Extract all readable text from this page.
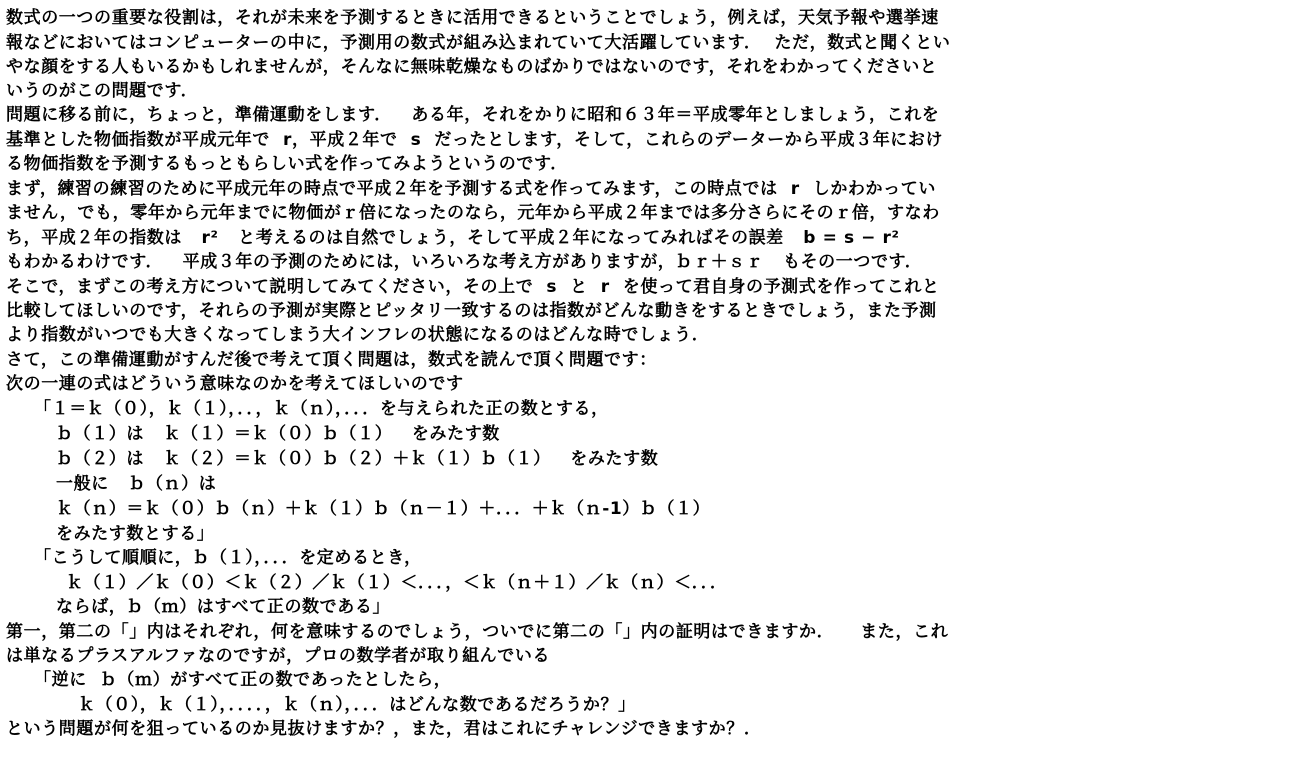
数式の一つの重要な役割は，それが未来を予測するときに活用できるということでしょう，例えば，天気予報や選挙速
報などにおいてはコンピューターの中に，予測用の数式が組み込まれていて大活躍しています．  ただ，数式と聞くとい
やな顔をする人もいるかもしれませんが，そんなに無味乾燥なものばかりではないのです，それをわかってくださいと
いうのがこの問題です．
問題に移る前に，ちょっと，準備運動をします．   ある年，それをかりに昭和６３年＝平成零年としましょう，これを
基準とした物価指数が平成元年で  r，平成２年で  s  だったとします，そして，これらのデーターから平成３年におけ
る物価指数を予測するもっともらしい式を作ってみようというのです．
まず，練習の練習のために平成元年の時点で平成２年を予測する式を作ってみます，この時点では  r  しかわかってい
ません，でも，零年から元年までに物価がｒ倍になったのなら，元年から平成２年までは多分さらにそのｒ倍，すなわ
ち，平成２年の指数は   r²   と考えるのは自然でしょう，そして平成２年になってみればその誤差   b = s − r²
もわかるわけです．   平成３年の予測のためには，いろいろな考え方がありますが，ｂｒ＋ｓｒ   もその一つです．
そこで，まずこの考え方について説明してみてください，その上で  s  と  r  を使って君自身の予測式を作ってこれと
比較してほしいのです，それらの予測が実際とピッタリ一致するのは指数がどんな動きをするときでしょう，また予測
より指数がいつでも大きくなってしまう大インフレの状態になるのはどんな時でしょう．
さて，この準備運動がすんだ後で考えて頂く問題は，数式を読んで頂く問題です：
次の一連の式はどういう意味なのかを考えてほしいのです
「１＝ｋ（０），ｋ（１），．．，ｋ（ｎ），．．．を与えられた正の数とする，
ｂ（１）は   ｋ（１）＝ｋ（０）ｂ（１）   をみたす数
ｂ（２）は   ｋ（２）＝ｋ（０）ｂ（２）＋ｋ（１）ｂ（１）   をみたす数
一般に   ｂ（ｎ）は
ｋ（ｎ）＝ｋ（０）ｂ（ｎ）＋ｋ（１）ｂ（ｎ－１）＋．．．＋ｋ（ｎ-1）ｂ（１）
をみたす数とする」
「こうして順順に，ｂ（１），．．．を定めるとき，
ｋ（１）／ｋ（０）＜ｋ（２）／ｋ（１）＜．．．，＜ｋ（ｎ＋１）／ｋ（ｎ）＜．．．
ならば，ｂ（ｍ）はすべて正の数である」
第一，第二の「」内はそれぞれ，何を意味するのでしょう，ついでに第二の「」内の証明はできますか．    また，これ
は単なるプラスアルファなのですが，プロの数学者が取り組んでいる
「逆に  ｂ（ｍ）がすべて正の数であったとしたら，
ｋ（０），ｋ（１），．．．．，ｋ（ｎ），．．．はどんな数であるだろうか？」
という問題が何を狙っているのか見抜けますか？，また，君はこれにチャレンジできますか？．
